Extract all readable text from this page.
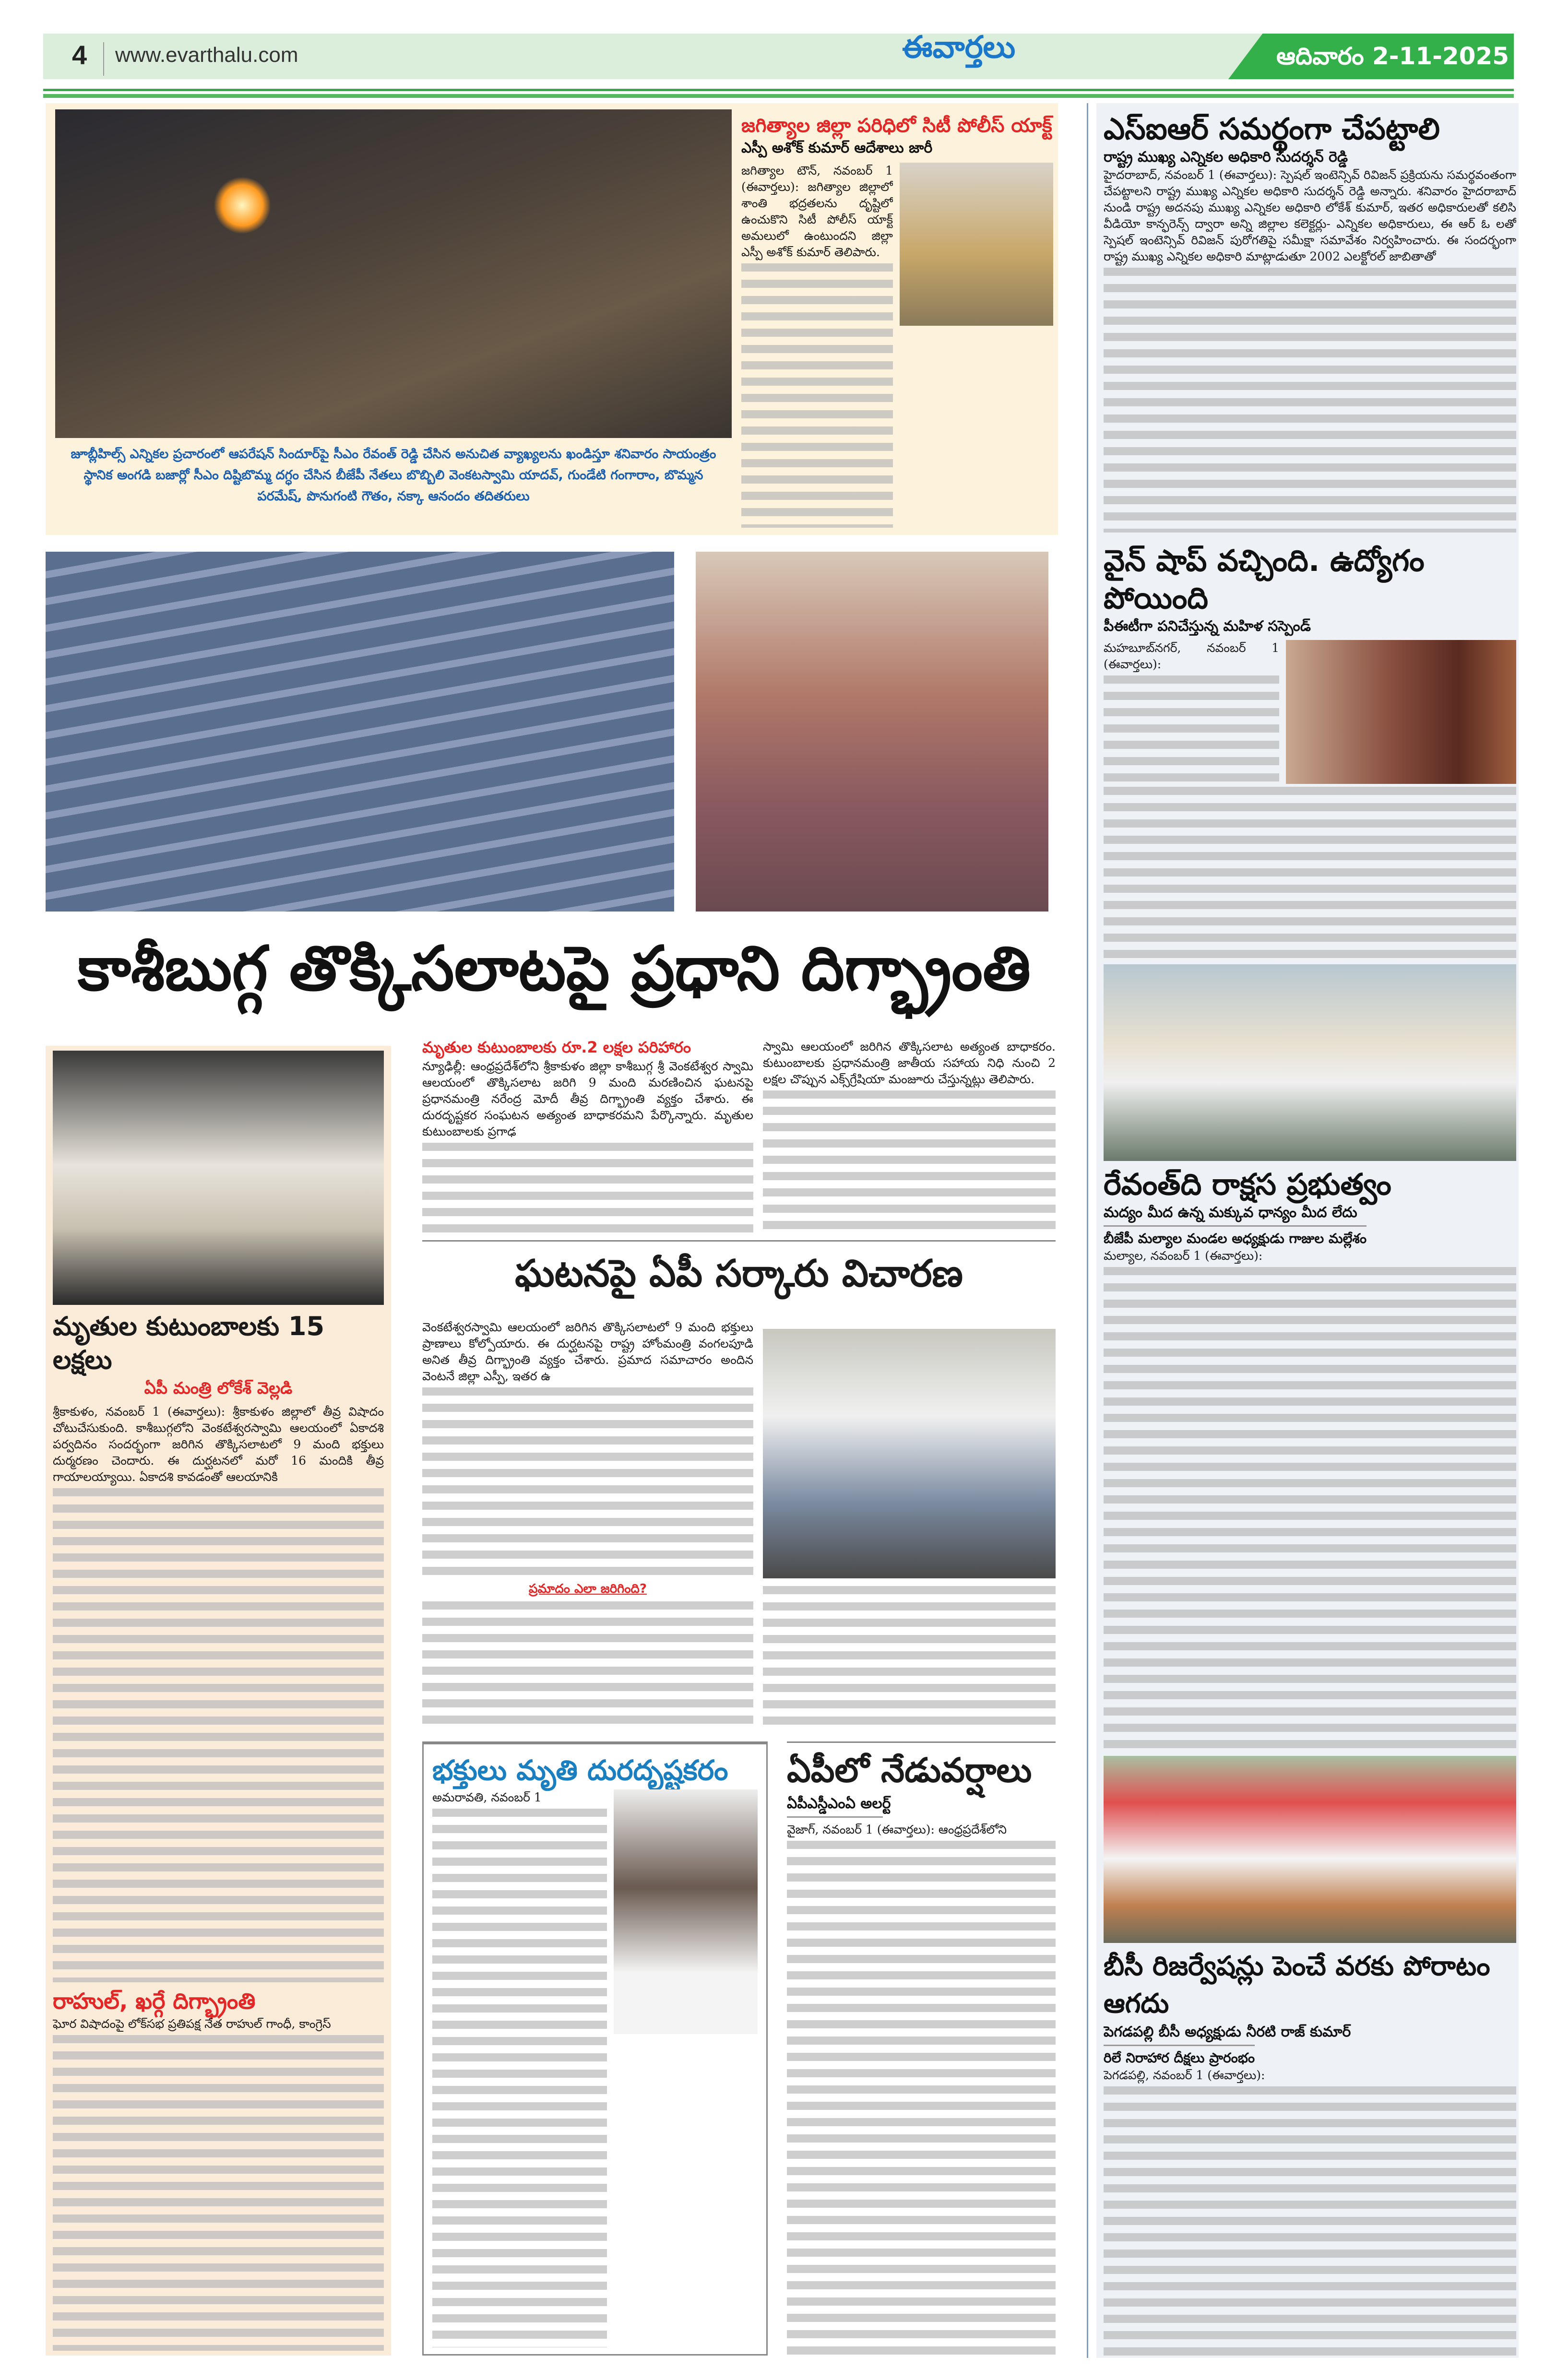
4 www.evarthalu.com	ఈవార్తలు	ఆదివారం 2-11-2025
జూబ్లీహిల్స్ ఎన్నికల ప్రచారంలో ఆపరేషన్ సిందూర్‌పై సీఎం రేవంత్ రెడ్డి చేసిన అనుచిత వ్యాఖ్యలను ఖండిస్తూ శనివారం సాయంత్రం స్థానిక అంగడి బజార్లో సీఎం దిష్టిబొమ్మ దగ్ధం చేసిన బీజేపీ నేతలు బొబ్బిలి వెంకటస్వామి యాదవ్, గుండేటి గంగారాం, బొమ్మన పరమేష్, పొనుగంటి గౌతం, నక్కా ఆనందం తదితరులు
జగిత్యాల జిల్లా పరిధిలో సిటీ పోలీస్ యాక్ట్
ఎస్పీ అశోక్ కుమార్ ఆదేశాలు జారీ

జగిత్యాల టౌన్, నవంబర్ 1 (ఈవార్తలు): జగిత్యాల జిల్లాలో శాంతి భద్రతలను దృష్టిలో ఉంచుకొని సిటీ పోలీస్ యాక్ట్ అమలులో ఉంటుందని జిల్లా ఎస్పీ అశోక్ కుమార్ తెలిపారు.

కాశీబుగ్గ తొక్కిసలాటపై ప్రధాని దిగ్భ్రాంతి
మృతుల కుటుంబాలకు 15 లక్షలు
ఏపీ మంత్రి లోకేశ్ వెల్లడి

శ్రీకాకుళం, నవంబర్ 1 (ఈవార్తలు): శ్రీకాకుళం జిల్లాలో తీవ్ర విషాదం చోటుచేసుకుంది. కాశీబుగ్గలోని వెంకటేశ్వరస్వామి ఆలయంలో ఏకాదశి పర్వదినం సందర్భంగా జరిగిన తొక్కిసలాటలో 9 మంది భక్తులు దుర్మరణం చెందారు. ఈ దుర్ఘటనలో మరో 16 మందికి తీవ్ర గాయాలయ్యాయి. ఏకాదశి కావడంతో ఆలయానికి

రాహుల్, ఖర్గే దిగ్భ్రాంతి

ఘోర విషాదంపై లోక్‌సభ ప్రతిపక్ష నేత రాహుల్ గాంధీ, కాంగ్రెస్

మృతుల కుటుంబాలకు రూ.2 లక్షల పరిహారం

న్యూఢిల్లీ: ఆంధ్రప్రదేశ్‌లోని శ్రీకాకుళం జిల్లా కాశీబుగ్గ శ్రీ వెంకటేశ్వర స్వామి ఆలయంలో తొక్కిసలాట జరిగి 9 మంది మరణించిన ఘటనపై ప్రధానమంత్రి నరేంద్ర మోదీ తీవ్ర దిగ్భ్రాంతి వ్యక్తం చేశారు. ఈ దురదృష్టకర సంఘటన అత్యంత బాధాకరమని పేర్కొన్నారు. మృతుల కుటుంబాలకు ప్రగాఢ

స్వామి ఆలయంలో జరిగిన తొక్కిసలాట అత్యంత బాధాకరం. కుటుంబాలకు ప్రధానమంత్రి జాతీయ సహాయ నిధి నుంచి 2 లక్షల చొప్పున ఎక్స్‌గ్రేషియా మంజూరు చేస్తున్నట్లు తెలిపారు.

ఘటనపై ఏపీ సర్కారు విచారణ

వెంకటేశ్వరస్వామి ఆలయంలో జరిగిన తొక్కిసలాటలో 9 మంది భక్తులు ప్రాణాలు కోల్పోయారు. ఈ దుర్ఘటనపై రాష్ట్ర హోంమంత్రి వంగలపూడి అనిత తీవ్ర దిగ్భ్రాంతి వ్యక్తం చేశారు. ప్రమాద సమాచారం అందిన వెంటనే జిల్లా ఎస్పీ, ఇతర ఉ

ప్రమాదం ఎలా జరిగింది?
భక్తులు మృతి దురదృష్టకరం

అమరావతి, నవంబర్ 1

ఏపీలో నేడువర్షాలు
ఏపీఎస్డీఎంఏ అలర్ట్

వైజాగ్, నవంబర్ 1 (ఈవార్తలు): ఆంధ్రప్రదేశ్‌లోని

ఎస్ఐఆర్ సమర్థంగా చేపట్టాలి
రాష్ట్ర ముఖ్య ఎన్నికల అధికారి సుదర్శన్ రెడ్డి

హైదరాబాద్, నవంబర్ 1 (ఈవార్తలు): స్పెషల్ ఇంటెన్సివ్ రివిజన్ ప్రక్రియను సమర్థవంతంగా చేపట్టాలని రాష్ట్ర ముఖ్య ఎన్నికల అధికారి సుదర్శన్ రెడ్డి అన్నారు. శనివారం హైదరాబాద్ నుండి రాష్ట్ర అదనపు ముఖ్య ఎన్నికల అధికారి లోకేశ్ కుమార్, ఇతర అధికారులతో కలిసి వీడియో కాన్ఫరెన్స్ ద్వారా అన్ని జిల్లాల కలెక్టర్లు- ఎన్నికల అధికారులు, ఈ ఆర్ ఓ లతో స్పెషల్ ఇంటెన్సివ్ రివిజన్ పురోగతిపై సమీక్షా సమావేశం నిర్వహించారు. ఈ సందర్భంగా రాష్ట్ర ముఖ్య ఎన్నికల అధికారి మాట్లాడుతూ 2002 ఎలక్టోరల్ జాబితాతో

వైన్ షాప్ వచ్చింది. ఉద్యోగం పోయింది
పీఈటీగా పనిచేస్తున్న మహిళ సస్పెండ్

మహబూబ్‌నగర్, నవంబర్ 1 (ఈవార్తలు):

రేవంత్‌ది రాక్షస ప్రభుత్వం
మద్యం మీద ఉన్న మక్కువ ధాన్యం మీద లేదు
బీజేపీ మల్యాల మండల అధ్యక్షుడు గాజుల మల్లేశం

మల్యాల, నవంబర్ 1 (ఈవార్తలు):

బీసీ రిజర్వేషన్లు పెంచే వరకు పోరాటం ఆగదు
పెగడపల్లి బీసీ అధ్యక్షుడు నీరటి రాజ్ కుమార్
రిలే నిరాహార దీక్షలు ప్రారంభం

పెగడపల్లి, నవంబర్ 1 (ఈవార్తలు):
